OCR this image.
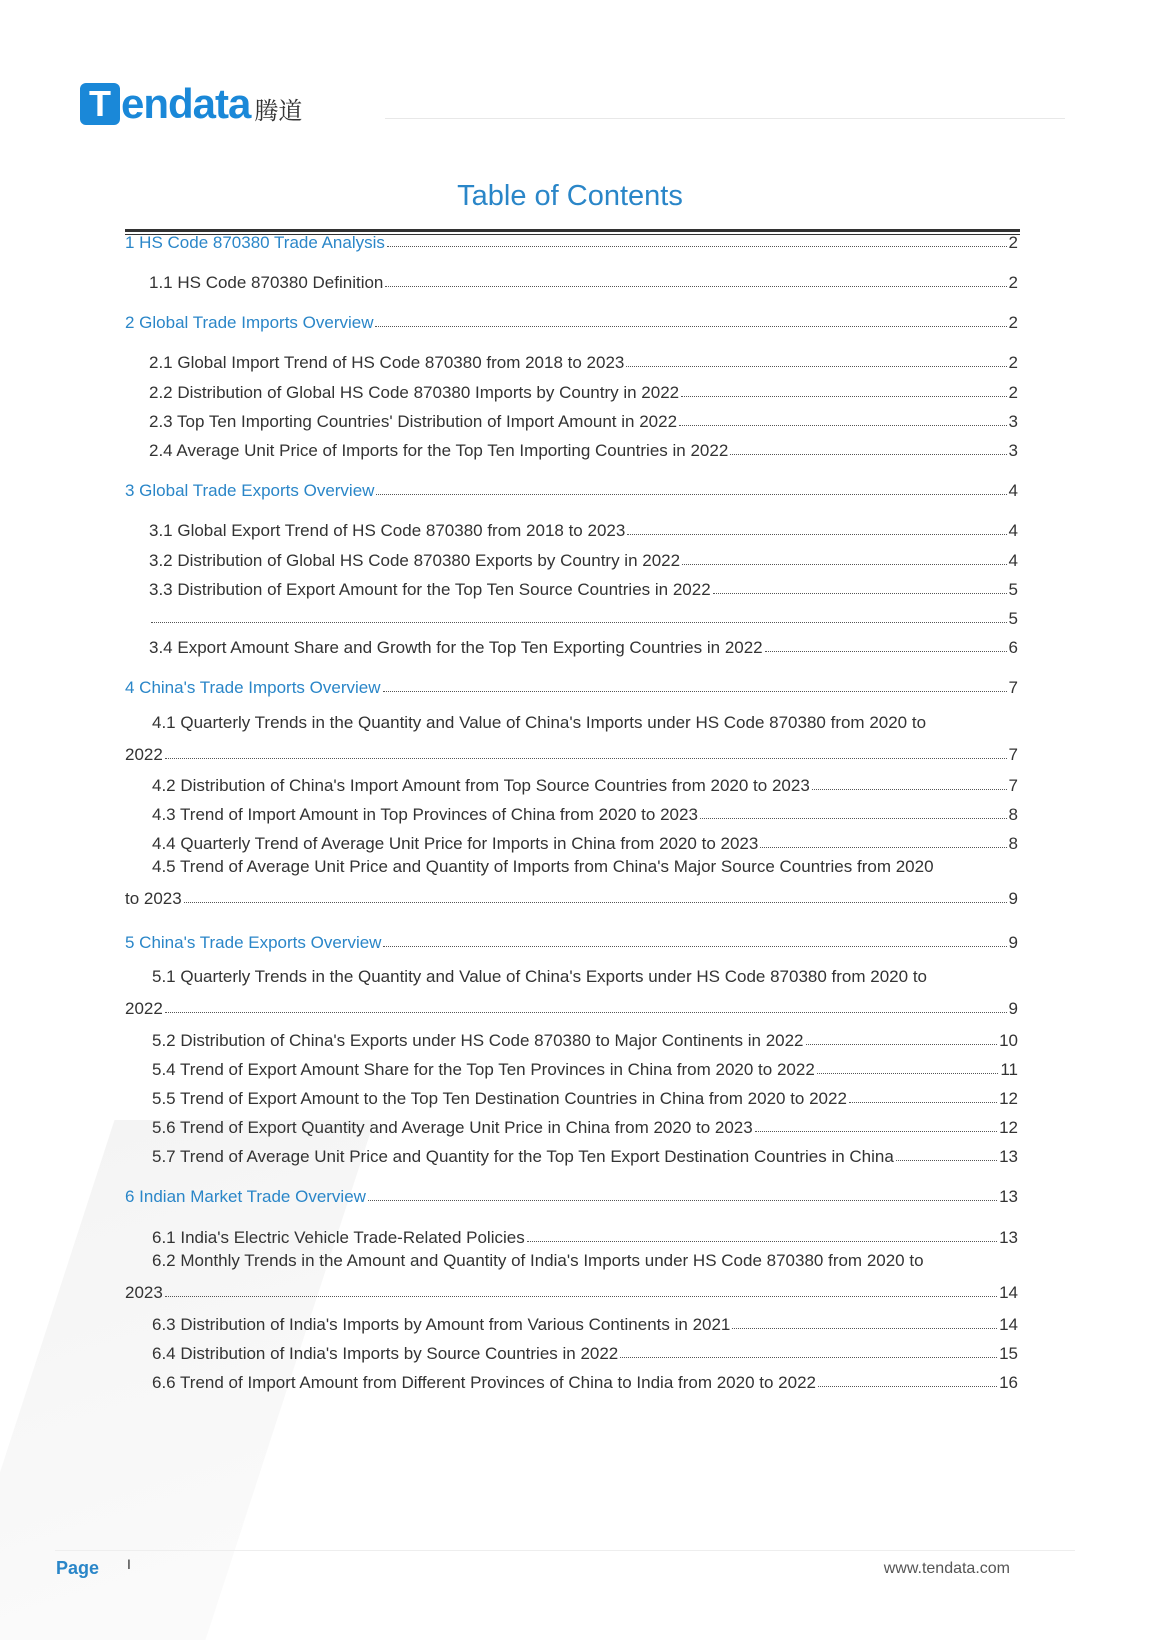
T endata 腾道
Table of Contents
1 HS Code 870380 Trade Analysis	2
1.1 HS Code 870380 Definition	2
2 Global Trade Imports Overview	2
2.1 Global Import Trend of HS Code 870380 from 2018 to 2023	2
2.2 Distribution of Global HS Code 870380 Imports by Country in 2022	2
2.3 Top Ten Importing Countries' Distribution of Import Amount in 2022	3
2.4 Average Unit Price of Imports for the Top Ten Importing Countries in 2022	3
3 Global Trade Exports Overview	4
3.1 Global Export Trend of HS Code 870380 from 2018 to 2023	4
3.2 Distribution of Global HS Code 870380 Exports by Country in 2022	4
3.3 Distribution of Export Amount for the Top Ten Source Countries in 2022	5
5
3.4 Export Amount Share and Growth for the Top Ten Exporting Countries in 2022	6
4 China's Trade Imports Overview	7
4.1 Quarterly Trends in the Quantity and Value of China's Imports under HS Code 870380 from 2020 to
2022	7
4.2 Distribution of China's Import Amount from Top Source Countries from 2020 to 2023	7
4.3 Trend of Import Amount in Top Provinces of China from 2020 to 2023	8
4.4 Quarterly Trend of Average Unit Price for Imports in China from 2020 to 2023	8
4.5 Trend of Average Unit Price and Quantity of Imports from China's Major Source Countries from 2020
to 2023	9
5 China's Trade Exports Overview	9
5.1 Quarterly Trends in the Quantity and Value of China's Exports under HS Code 870380 from 2020 to
2022	9
5.2 Distribution of China's Exports under HS Code 870380 to Major Continents in 2022	10
5.4 Trend of Export Amount Share for the Top Ten Provinces in China from 2020 to 2022	11
5.5 Trend of Export Amount to the Top Ten Destination Countries in China from 2020 to 2022	12
5.6 Trend of Export Quantity and Average Unit Price in China from 2020 to 2023	12
5.7 Trend of Average Unit Price and Quantity for the Top Ten Export Destination Countries in China	13
6 Indian Market Trade Overview	13
6.1 India's Electric Vehicle Trade-Related Policies	13
6.2 Monthly Trends in the Amount and Quantity of India's Imports under HS Code 870380 from 2020 to
2023	14
6.3 Distribution of India's Imports by Amount from Various Continents in 2021	14
6.4 Distribution of India's Imports by Source Countries in 2022	15
6.6 Trend of Import Amount from Different Provinces of China to India from 2020 to 2022	16
Page I	www.tendata.com
